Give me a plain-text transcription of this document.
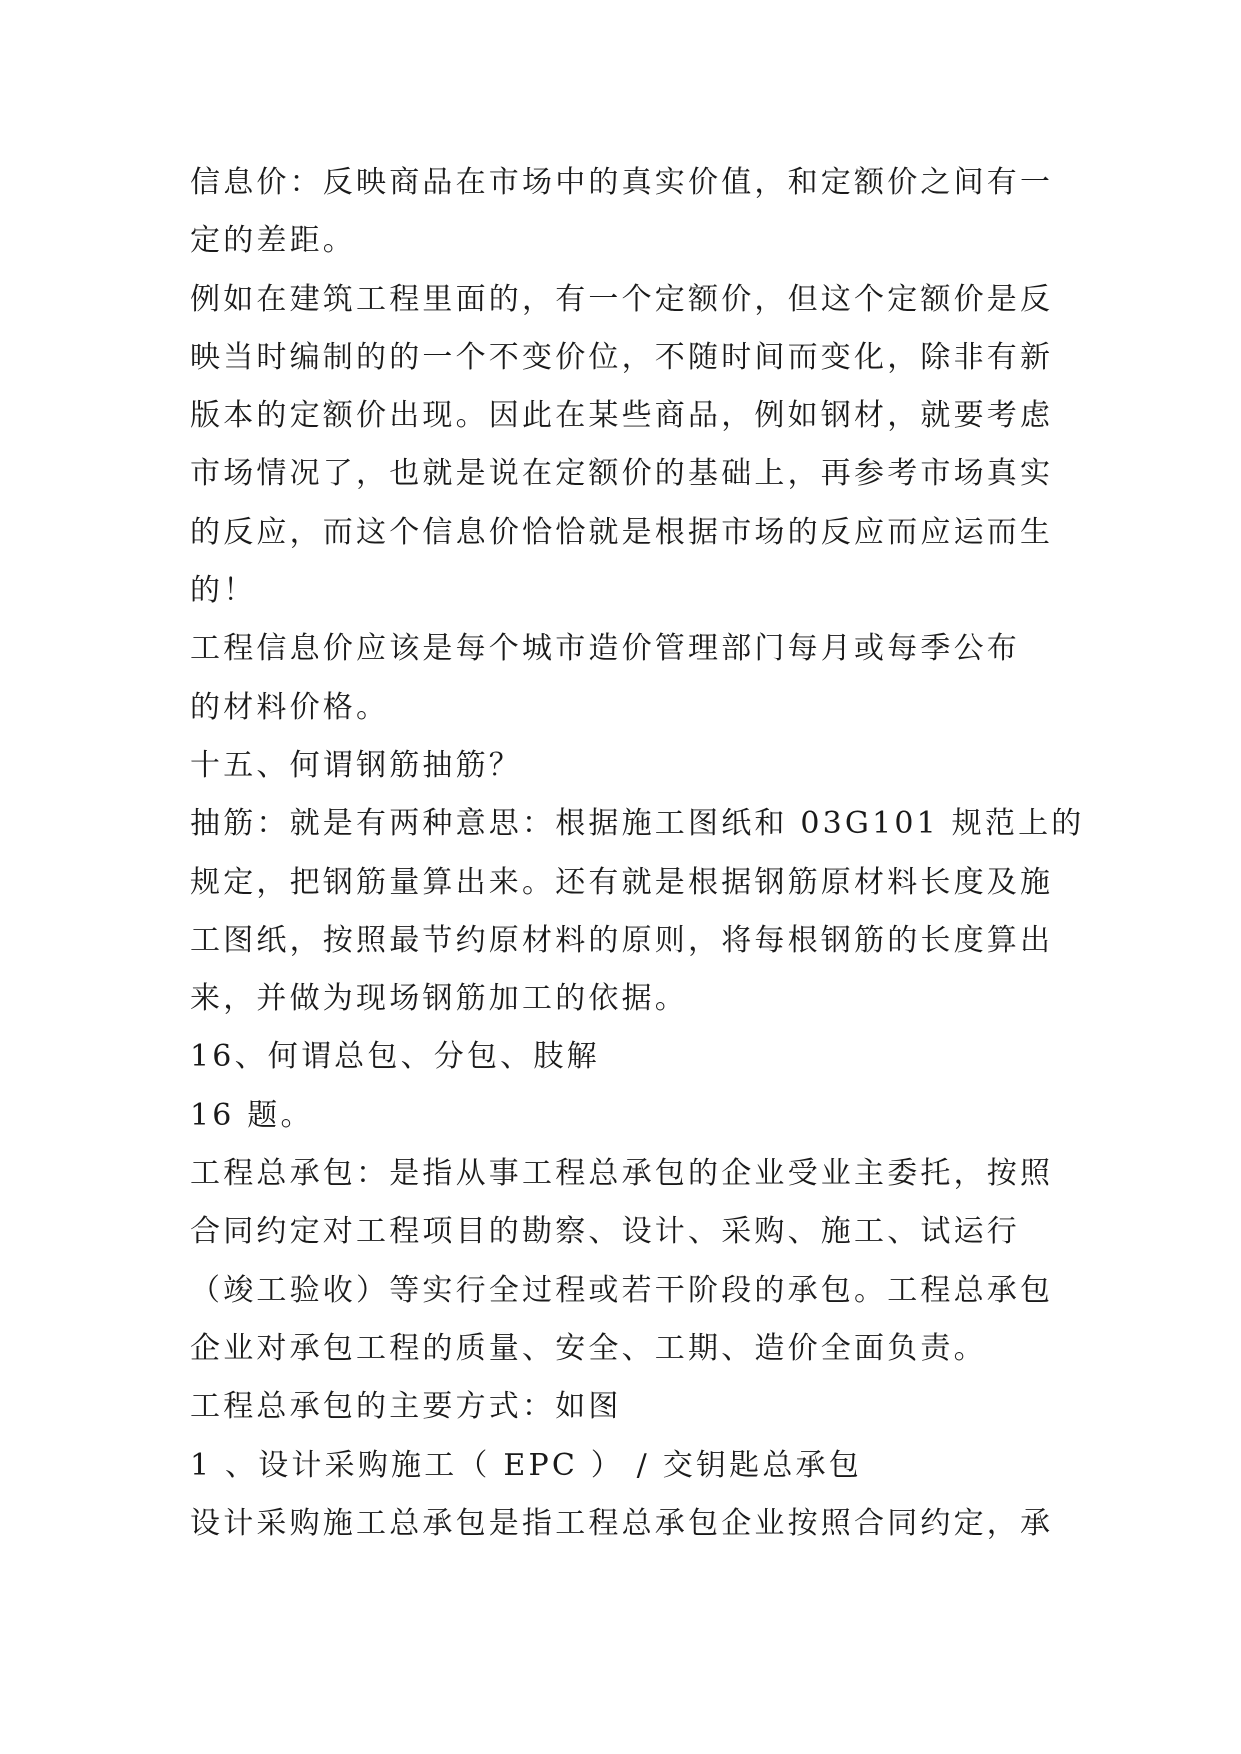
信息价：反映商品在市场中的真实价值，和定额价之间有一
定的差距。
例如在建筑工程里面的，有一个定额价，但这个定额价是反
映当时编制的的一个不变价位，不随时间而变化，除非有新
版本的定额价出现。因此在某些商品，例如钢材，就要考虑
市场情况了，也就是说在定额价的基础上，再参考市场真实
的反应，而这个信息价恰恰就是根据市场的反应而应运而生
的！
工程信息价应该是每个城市造价管理部门每月或每季公布
的材料价格。
十五、何谓钢筋抽筋？
抽筋：就是有两种意思：根据施工图纸和 03G101 规范上的
规定，把钢筋量算出来。还有就是根据钢筋原材料长度及施
工图纸，按照最节约原材料的原则，将每根钢筋的长度算出
来，并做为现场钢筋加工的依据。
16、何谓总包、分包、肢解
16 题。
工程总承包：是指从事工程总承包的企业受业主委托，按照
合同约定对工程项目的勘察、设计、采购、施工、试运行
（竣工验收）等实行全过程或若干阶段的承包。工程总承包
企业对承包工程的质量、安全、工期、造价全面负责。
工程总承包的主要方式：如图
1 、设计采购施工（ EPC ） / 交钥匙总承包
设计采购施工总承包是指工程总承包企业按照合同约定，承
